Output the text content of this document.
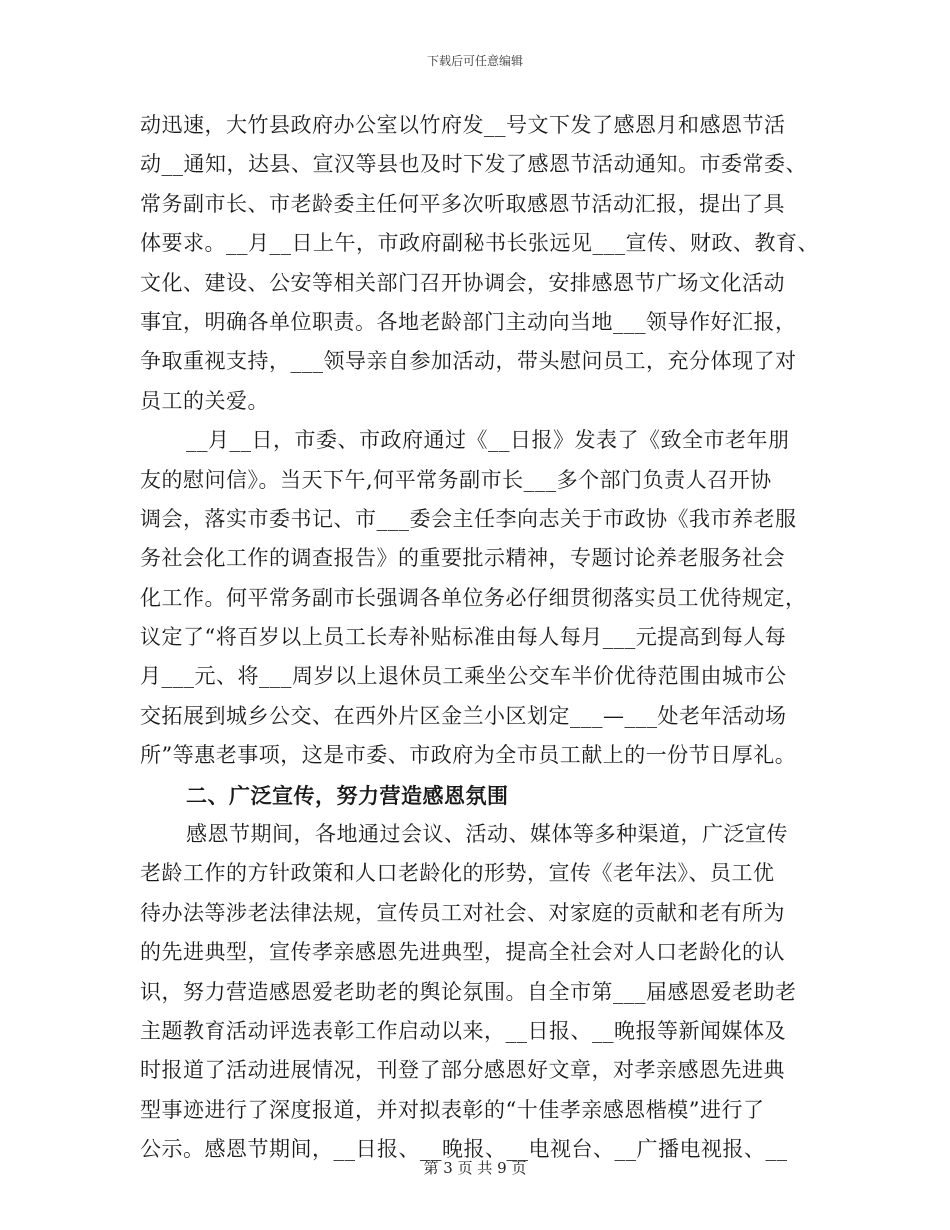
下载后可任意编辑
动迅速，大竹县政府办公室以竹府发__号文下发了感恩月和感恩节活
动__通知，达县、宣汉等县也及时下发了感恩节活动通知。市委常委、
常务副市长、市老龄委主任何平多次听取感恩节活动汇报，提出了具
体要求。__月__日上午，市政府副秘书长张远见___宣传、财政、教育、
文化、建设、公安等相关部门召开协调会，安排感恩节广场文化活动
事宜，明确各单位职责。各地老龄部门主动向当地___领导作好汇报，
争取重视支持，___领导亲自参加活动，带头慰问员工，充分体现了对
员工的关爱。
__月__日，市委、市政府通过《__日报》发表了《致全市老年朋
友的慰问信》。当天下午,何平常务副市长___多个部门负责人召开协
调会，落实市委书记、市___委会主任李向志关于市政协《我市养老服
务社会化工作的调查报告》的重要批示精神，专题讨论养老服务社会
化工作。何平常务副市长强调各单位务必仔细贯彻落实员工优待规定，
议定了“将百岁以上员工长寿补贴标准由每人每月___元提高到每人每
月___元、将___周岁以上退休员工乘坐公交车半价优待范围由城市公
交拓展到城乡公交、在西外片区金兰小区划定___—___处老年活动场
所”等惠老事项，这是市委、市政府为全市员工献上的一份节日厚礼。
二、广泛宣传，努力营造感恩氛围
感恩节期间，各地通过会议、活动、媒体等多种渠道，广泛宣传
老龄工作的方针政策和人口老龄化的形势，宣传《老年法》、员工优
待办法等涉老法律法规，宣传员工对社会、对家庭的贡献和老有所为
的先进典型，宣传孝亲感恩先进典型，提高全社会对人口老龄化的认
识，努力营造感恩爱老助老的舆论氛围。自全市第___届感恩爱老助老
主题教育活动评选表彰工作启动以来，__日报、__晚报等新闻媒体及
时报道了活动进展情况，刊登了部分感恩好文章，对孝亲感恩先进典
型事迹进行了深度报道，并对拟表彰的“十佳孝亲感恩楷模”进行了
公示。感恩节期间，__日报、__晚报、__电视台、__广播电视报、__
第 3 页 共 9 页
